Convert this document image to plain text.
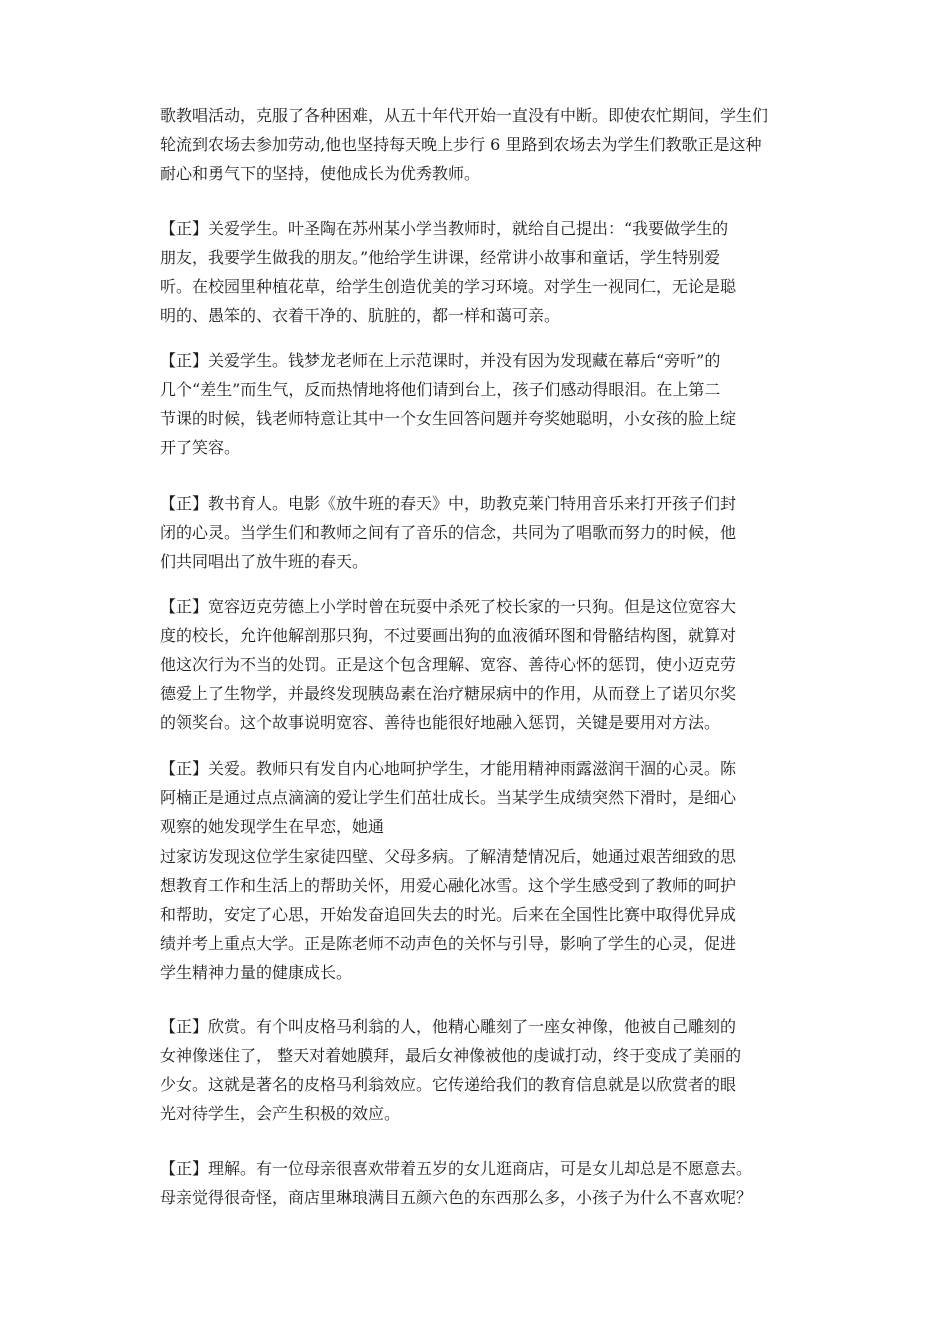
歌教唱活动，克服了各种困难，从五十年代开始一直没有中断。即使农忙期间，学生们
轮流到农场去参加劳动,他也坚持每天晚上步行 6 里路到农场去为学生们教歌正是这种
耐心和勇气下的坚持，使他成长为优秀教师。
【正】关爱学生。叶圣陶在苏州某小学当教师时，就给自己提出：“我要做学生的
朋友，我要学生做我的朋友。”他给学生讲课，经常讲小故事和童话，学生特别爱
听。在校园里种植花草，给学生创造优美的学习环境。对学生一视同仁，无论是聪
明的、愚笨的、衣着干净的、肮脏的，都一样和蔼可亲。
【正】关爱学生。钱梦龙老师在上示范课时，并没有因为发现藏在幕后“旁听”的
几个“差生”而生气，反而热情地将他们请到台上，孩子们感动得眼泪。在上第二
节课的时候，钱老师特意让其中一个女生回答问题并夸奖她聪明，小女孩的脸上绽
开了笑容。
【正】教书育人。电影《放牛班的春天》中，助教克莱门特用音乐来打开孩子们封
闭的心灵。当学生们和教师之间有了音乐的信念，共同为了唱歌而努力的时候，他
们共同唱出了放牛班的春天。
【正】宽容迈克劳德上小学时曾在玩耍中杀死了校长家的一只狗。但是这位宽容大
度的校长，允许他解剖那只狗，不过要画出狗的血液循环图和骨骼结构图，就算对
他这次行为不当的处罚。正是这个包含理解、宽容、善待心怀的惩罚，使小迈克劳
德爱上了生物学，并最终发现胰岛素在治疗糖尿病中的作用，从而登上了诺贝尔奖
的领奖台。这个故事说明宽容、善待也能很好地融入惩罚，关键是要用对方法。
【正】关爱。教师只有发自内心地呵护学生，才能用精神雨露滋润干涸的心灵。陈
阿楠正是通过点点滴滴的爱让学生们茁壮成长。当某学生成绩突然下滑时，是细心
观察的她发现学生在早恋，她通
过家访发现这位学生家徒四壁、父母多病。了解清楚情况后，她通过艰苦细致的思
想教育工作和生活上的帮助关怀，用爱心融化冰雪。这个学生感受到了教师的呵护
和帮助，安定了心思，开始发奋追回失去的时光。后来在全国性比赛中取得优异成
绩并考上重点大学。正是陈老师不动声色的关怀与引导，影响了学生的心灵，促进
学生精神力量的健康成长。
【正】欣赏。有个叫皮格马利翁的人，他精心雕刻了一座女神像，他被自己雕刻的
女神像迷住了， 整天对着她膜拜，最后女神像被他的虔诚打动，终于变成了美丽的
少女。这就是著名的皮格马利翁效应。它传递给我们的教育信息就是以欣赏者的眼
光对待学生，会产生积极的效应。
【正】理解。有一位母亲很喜欢带着五岁的女儿逛商店，可是女儿却总是不愿意去。
母亲觉得很奇怪，商店里琳琅满目五颜六色的东西那么多，小孩子为什么不喜欢呢？
